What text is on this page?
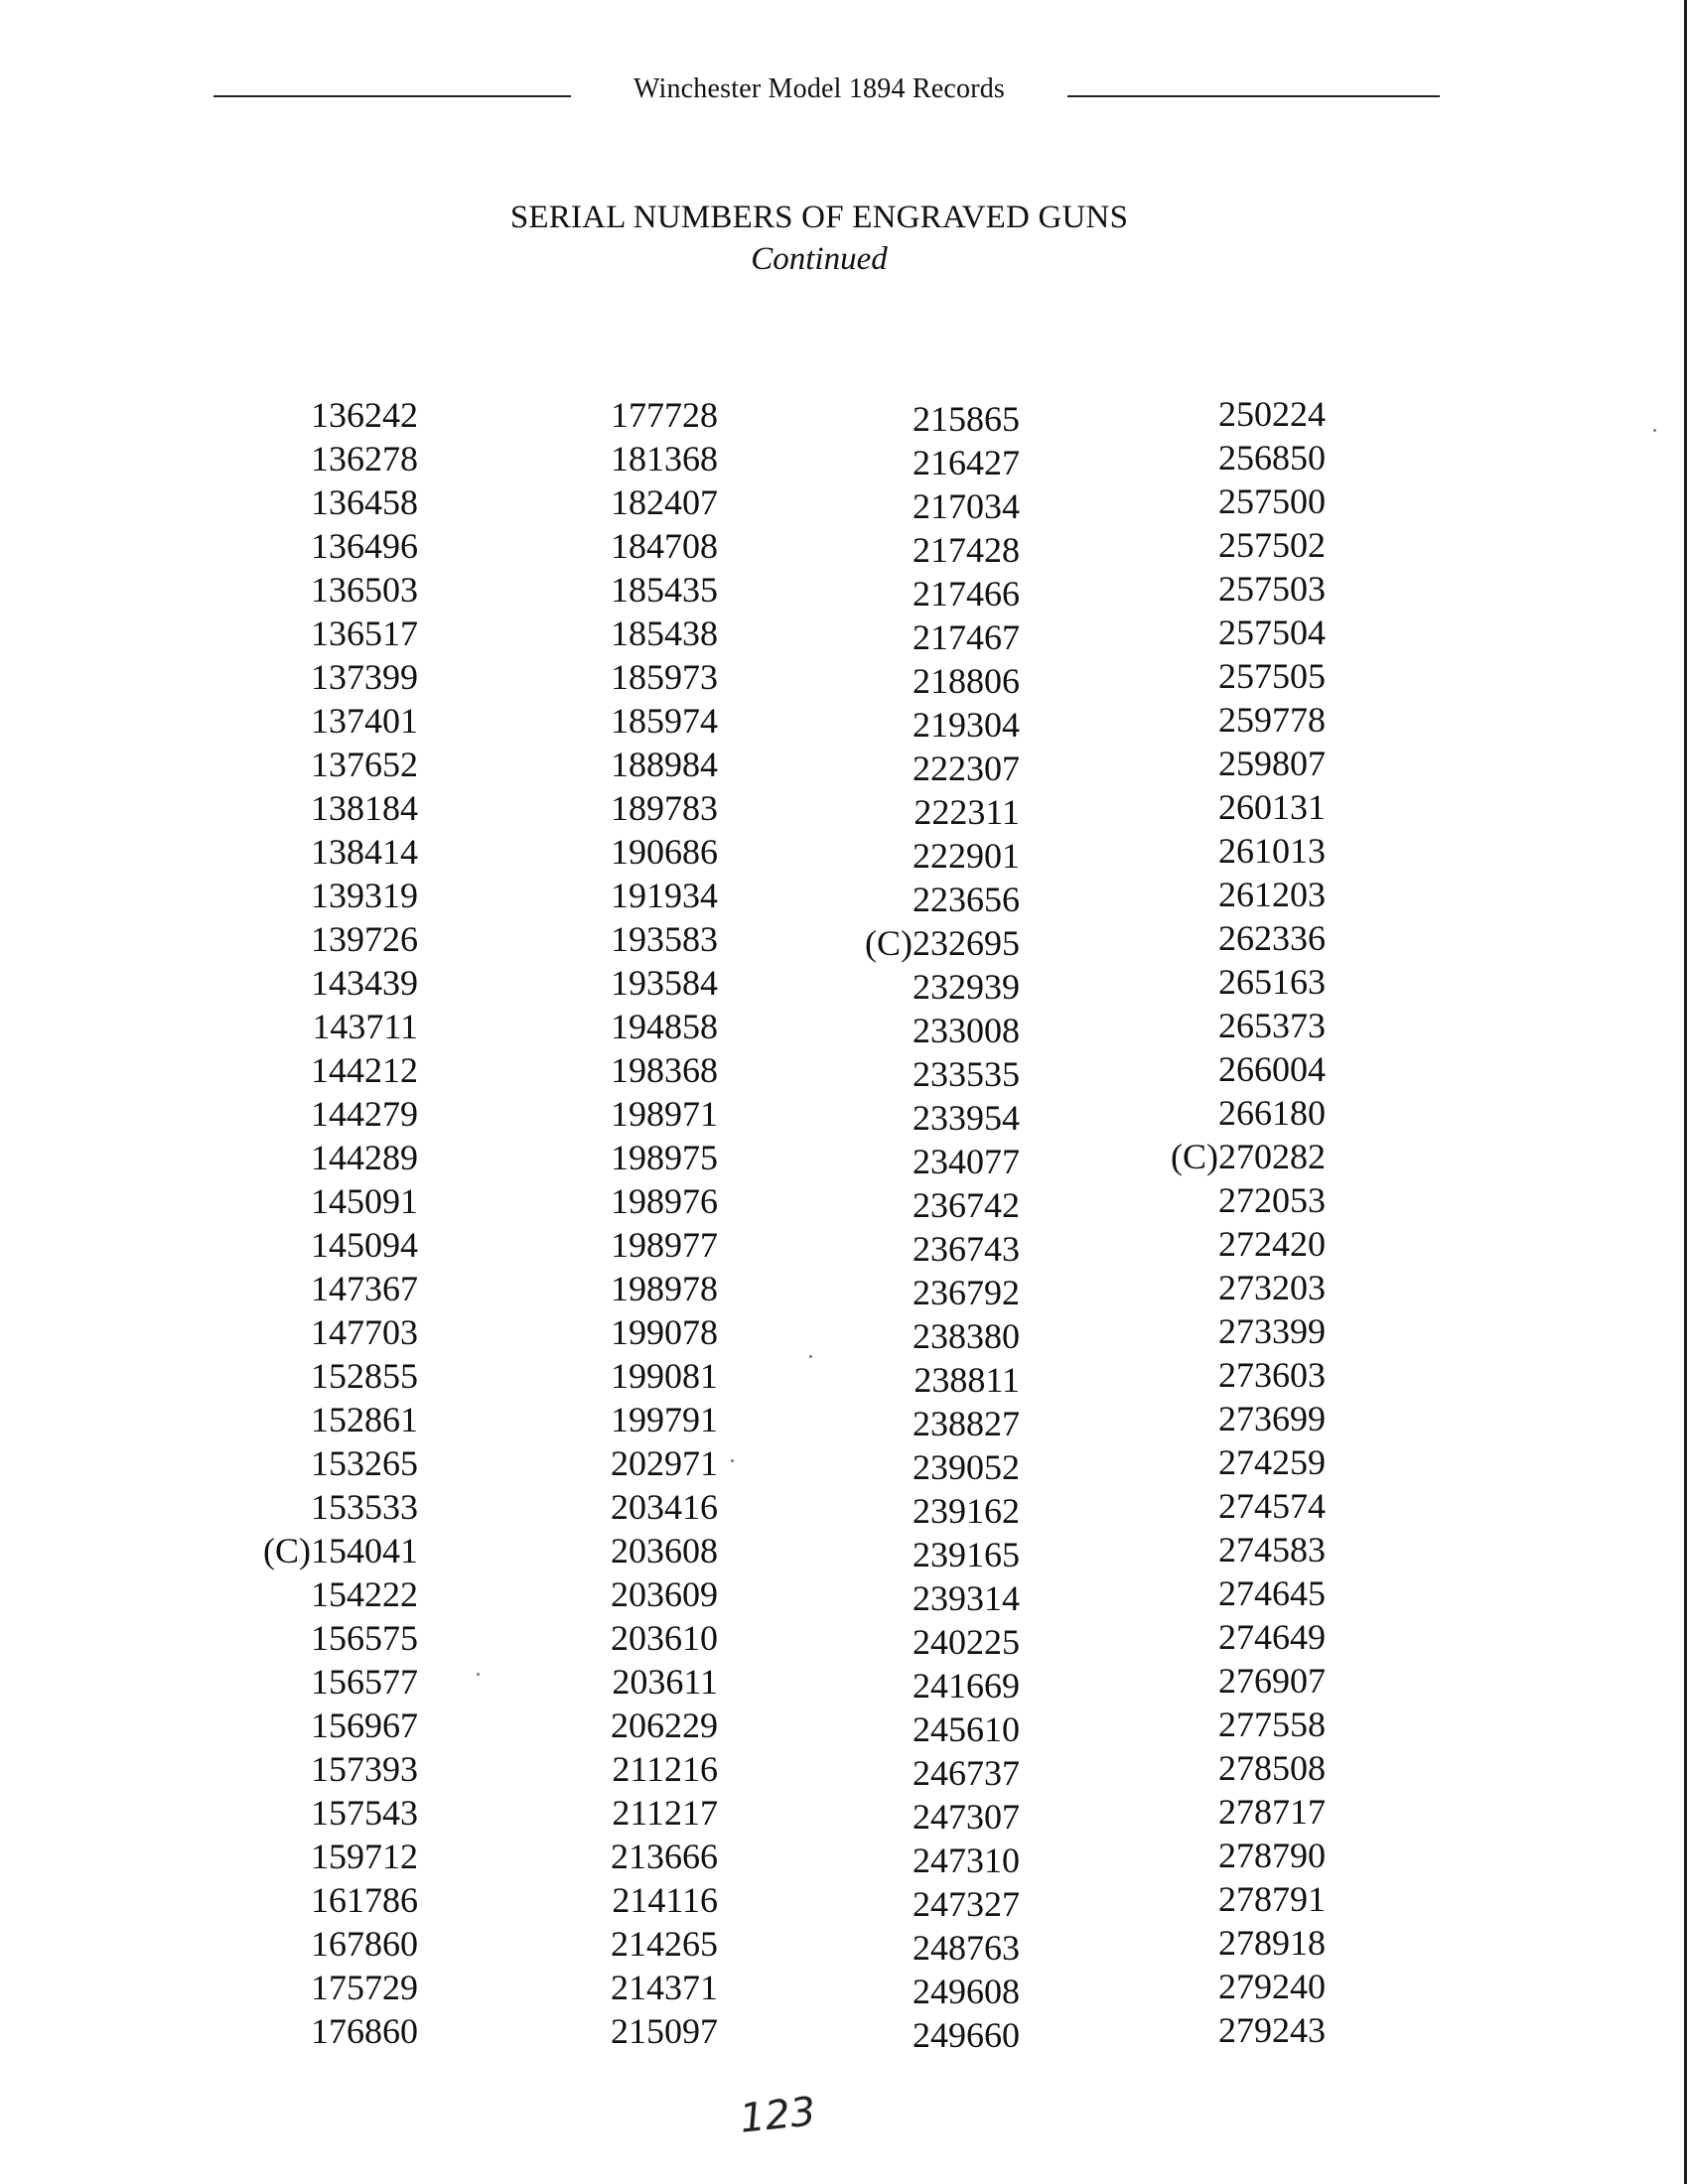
Winchester Model 1894 Records
SERIAL NUMBERS OF ENGRAVED GUNS
Continued
136242
136278
136458
136496
136503
136517
137399
137401
137652
138184
138414
139319
139726
143439
143711
144212
144279
144289
145091
145094
147367
147703
152855
152861
153265
153533
(C)154041
154222
156575
156577
156967
157393
157543
159712
161786
167860
175729
176860
177728
181368
182407
184708
185435
185438
185973
185974
188984
189783
190686
191934
193583
193584
194858
198368
198971
198975
198976
198977
198978
199078
199081
199791
202971
203416
203608
203609
203610
203611
206229
211216
211217
213666
214116
214265
214371
215097
215865
216427
217034
217428
217466
217467
218806
219304
222307
222311
222901
223656
(C)232695
232939
233008
233535
233954
234077
236742
236743
236792
238380
238811
238827
239052
239162
239165
239314
240225
241669
245610
246737
247307
247310
247327
248763
249608
249660
250224
256850
257500
257502
257503
257504
257505
259778
259807
260131
261013
261203
262336
265163
265373
266004
266180
(C)270282
272053
272420
273203
273399
273603
273699
274259
274574
274583
274645
274649
276907
277558
278508
278717
278790
278791
278918
279240
279243
123
